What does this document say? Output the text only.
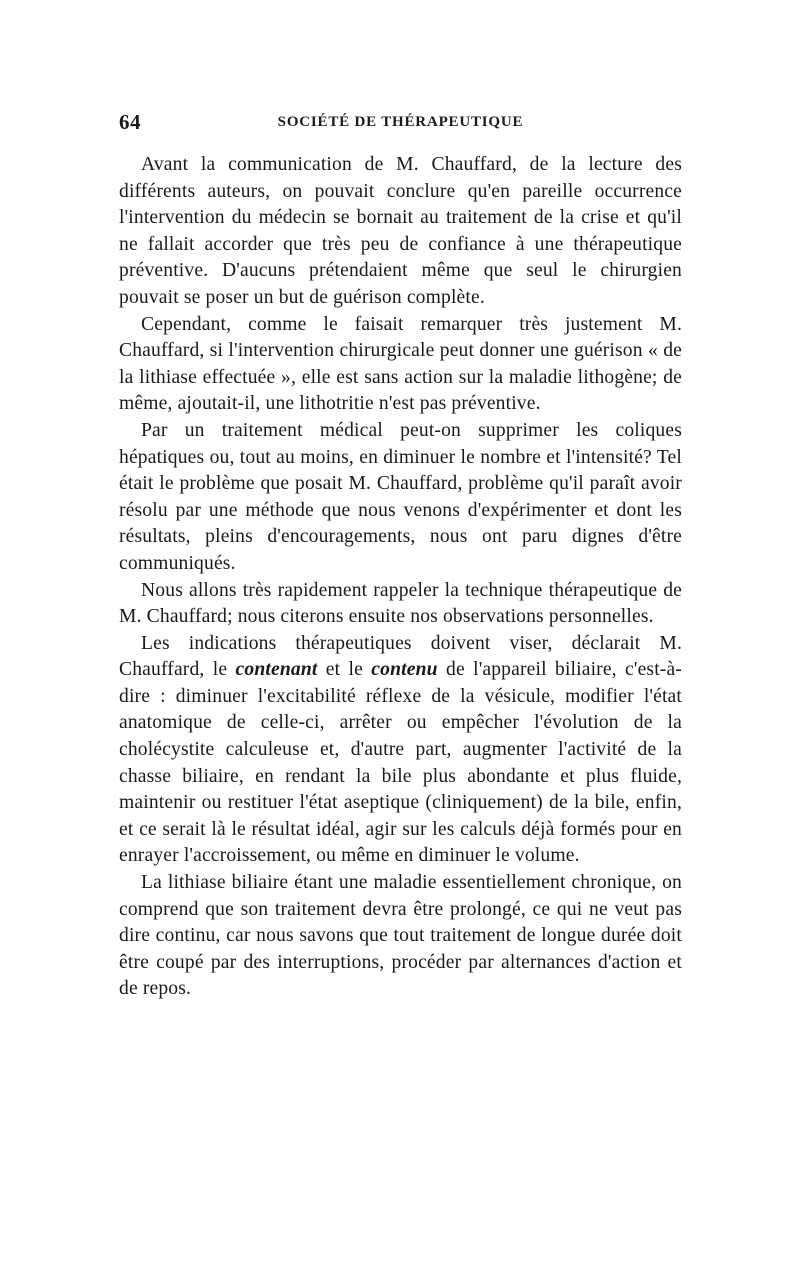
64	SOCIÉTÉ DE THÉRAPEUTIQUE

Avant la communication de M. Chauffard, de la lecture des différents auteurs, on pouvait conclure qu'en pareille occurrence l'intervention du médecin se bornait au traitement de la crise et qu'il ne fallait accorder que très peu de confiance à une thérapeutique préventive. D'aucuns prétendaient même que seul le chirurgien pouvait se poser un but de guérison complète.

Cependant, comme le faisait remarquer très justement M. Chauffard, si l'intervention chirurgicale peut donner une guérison « de la lithiase effectuée », elle est sans action sur la maladie lithogène; de même, ajoutait-il, une lithotritie n'est pas préventive.

Par un traitement médical peut-on supprimer les coliques hépatiques ou, tout au moins, en diminuer le nombre et l'intensité? Tel était le problème que posait M. Chauffard, problème qu'il paraît avoir résolu par une méthode que nous venons d'expérimenter et dont les résultats, pleins d'encouragements, nous ont paru dignes d'être communiqués.

Nous allons très rapidement rappeler la technique thérapeutique de M. Chauffard; nous citerons ensuite nos observations personnelles.

Les indications thérapeutiques doivent viser, déclarait M. Chauffard, le contenant et le contenu de l'appareil biliaire, c'est-à-dire : diminuer l'excitabilité réflexe de la vésicule, modifier l'état anatomique de celle-ci, arrêter ou empêcher l'évolution de la cholécystite calculeuse et, d'autre part, augmenter l'activité de la chasse biliaire, en rendant la bile plus abondante et plus fluide, maintenir ou restituer l'état aseptique (cliniquement) de la bile, enfin, et ce serait là le résultat idéal, agir sur les calculs déjà formés pour en enrayer l'accroissement, ou même en diminuer le volume.

La lithiase biliaire étant une maladie essentiellement chronique, on comprend que son traitement devra être prolongé, ce qui ne veut pas dire continu, car nous savons que tout traitement de longue durée doit être coupé par des interruptions, procéder par alternances d'action et de repos.
